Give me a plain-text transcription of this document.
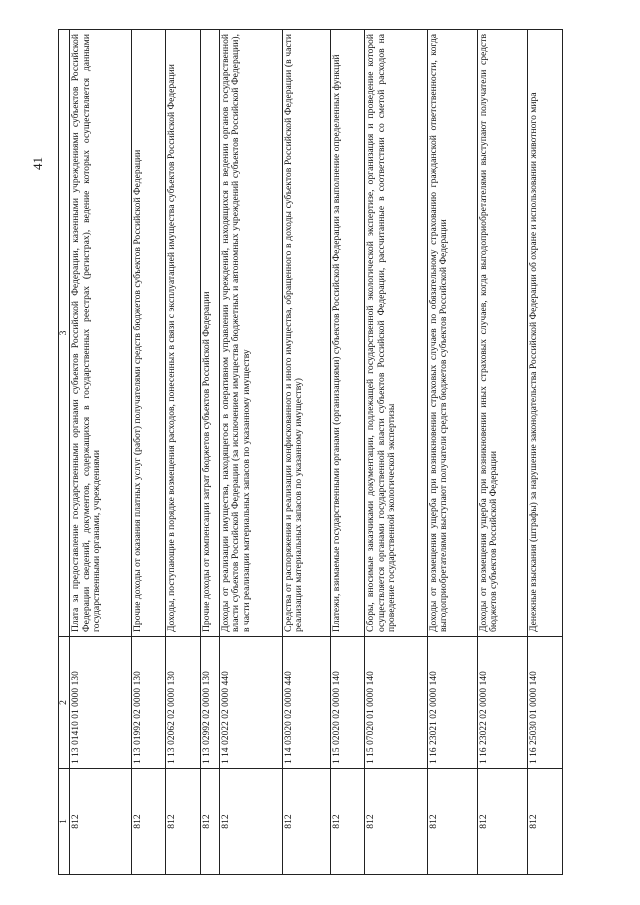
41
1	2	3
812	1 13 01410 01 0000 130	Плата за предоставление государственными органами субъектов Российской Федерации, казенными учреждениями субъектов Российской Федерации сведений, документов, содержащихся в государственных реестрах (регистрах), ведение которых осуществляется данными государственными органами, учреждениями
812	1 13 01992 02 0000 130	Прочие доходы от оказания платных услуг (работ) получателями средств бюджетов субъектов Российской Федерации
812	1 13 02062 02 0000 130	Доходы, поступающие в порядке возмещения расходов, понесенных в связи с эксплуатацией имущества субъектов Российской Федерации
812	1 13 02992 02 0000 130	Прочие доходы от компенсации затрат бюджетов субъектов Российской Федерации
812	1 14 02022 02 0000 440	Доходы от реализации имущества, находящегося в оперативном управлении учреждений, находящихся в ведении органов государственной власти субъектов Российской Федерации (за исключением имущества бюджетных и автономных учреждений субъектов Российской Федерации), в части реализации материальных запасов по указанному имуществу
812	1 14 03020 02 0000 440	Средства от распоряжения и реализации конфискованного и иного имущества, обращенного в доходы субъектов Российской Федерации (в части реализации материальных запасов по указанному имуществу)
812	1 15 02020 02 0000 140	Платежи, взимаемые государственными органами (организациями) субъектов Российской Федерации за выполнение определенных функций
812	1 15 07020 01 0000 140	Сборы, вносимые заказчиками документации, подлежащей государственной экологической экспертизе, организация и проведение которой осуществляется органами государственной власти субъектов Российской Федерации, рассчитанные в соответствии со сметой расходов на проведение государственной экологической экспертизы
812	1 16 23021 02 0000 140	Доходы от возмещения ущерба при возникновении страховых случаев по обязательному страхованию гражданской ответственности, когда выгодоприобретателями выступают получатели средств бюджетов субъектов Российской Федерации
812	1 16 23022 02 0000 140	Доходы от возмещения ущерба при возникновении иных страховых случаев, когда выгодоприобретателями выступают получатели средств бюджетов субъектов Российской Федерации
812	1 16 25030 01 0000 140	Денежные взыскания (штрафы) за нарушение законодательства Российской Федерации об охране и использовании животного мира
